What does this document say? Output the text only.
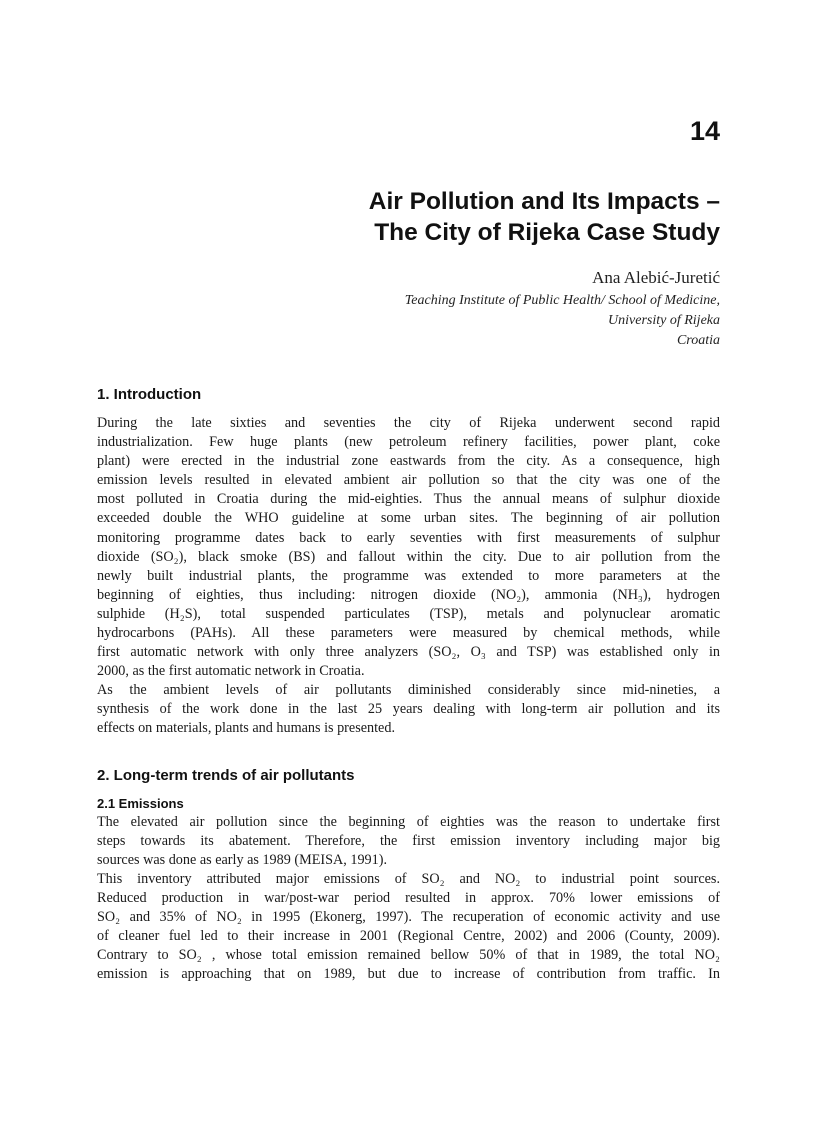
14
Air Pollution and Its Impacts –
The City of Rijeka Case Study
Ana Alebić-Juretić
Teaching Institute of Public Health/ School of Medicine,
University of Rijeka
Croatia
1. Introduction
During the late sixties and seventies the city of Rijeka underwent second rapid
industrialization. Few huge plants (new petroleum refinery facilities, power plant, coke
plant) were erected in the industrial zone eastwards from the city. As a consequence, high
emission levels resulted in elevated ambient air pollution so that the city was one of the
most polluted in Croatia during the mid-eighties. Thus the annual means of sulphur dioxide
exceeded double the WHO guideline at some urban sites. The beginning of air pollution
monitoring programme dates back to early seventies with first measurements of sulphur
dioxide (SO₂), black smoke (BS) and fallout within the city. Due to air pollution from the
newly built industrial plants, the programme was extended to more parameters at the
beginning of eighties, thus including: nitrogen dioxide (NO₂), ammonia (NH₃), hydrogen
sulphide (H₂S), total suspended particulates (TSP), metals and polynuclear aromatic
hydrocarbons (PAHs). All these parameters were measured by chemical methods, while
first automatic network with only three analyzers (SO₂, O₃ and TSP) was established only in
2000, as the first automatic network in Croatia.
As the ambient levels of air pollutants diminished considerably since mid-nineties, a
synthesis of the work done in the last 25 years dealing with long-term air pollution and its
effects on materials, plants and humans is presented.
2. Long-term trends of air pollutants
2.1 Emissions
The elevated air pollution since the beginning of eighties was the reason to undertake first
steps towards its abatement. Therefore, the first emission inventory including major big
sources was done as early as 1989 (MEISA, 1991).
This inventory attributed major emissions of SO₂ and NO₂ to industrial point sources.
Reduced production in war/post-war period resulted in approx. 70% lower emissions of
SO₂ and 35% of NO₂ in 1995 (Ekonerg, 1997). The recuperation of economic activity and use
of cleaner fuel led to their increase in 2001 (Regional Centre, 2002) and 2006 (County, 2009).
Contrary to SO₂ , whose total emission remained bellow 50% of that in 1989, the total NO₂
emission is approaching that on 1989, but due to increase of contribution from traffic. In
